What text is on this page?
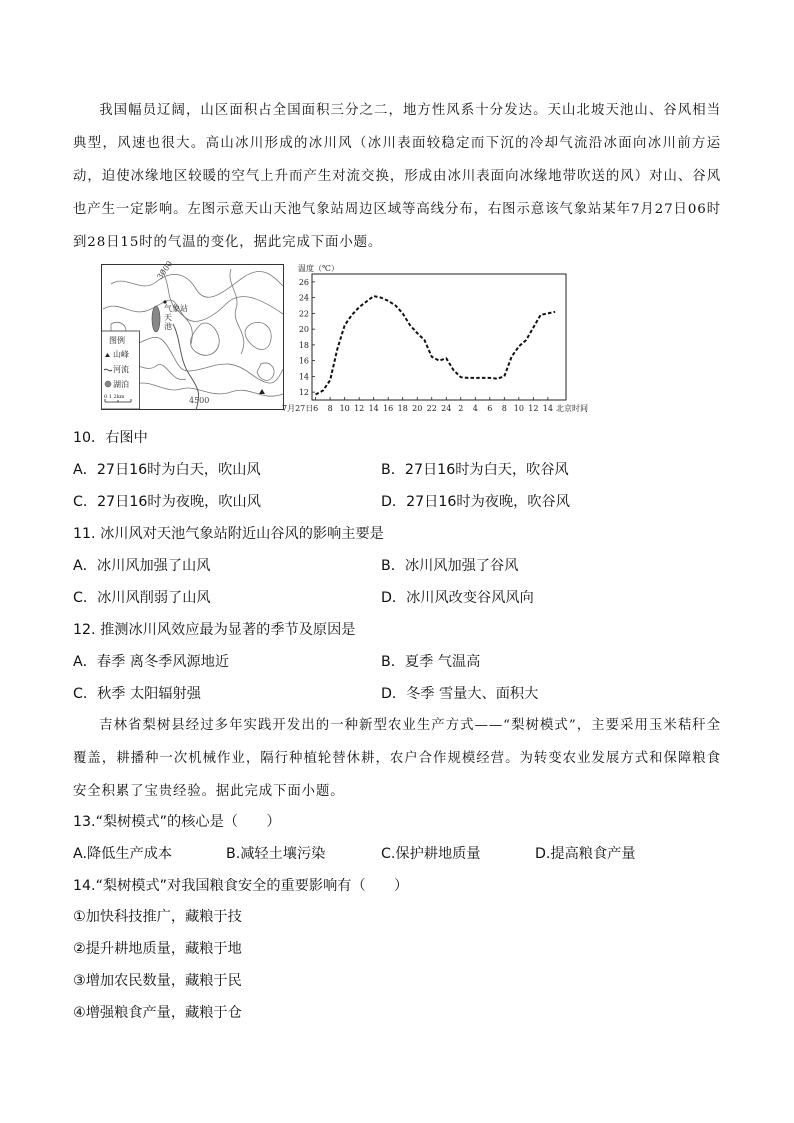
我国幅员辽阔，山区面积占全国面积三分之二，地方性风系十分发达。天山北坡天池山、谷风相当典型，风速也很大。高山冰川形成的冰川风（冰川表面较稳定而下沉的冷却气流沿冰面向冰川前方运动，迫使冰缘地区较暖的空气上升而产生对流交换，形成由冰川表面向冰缘地带吹送的风）对山、谷风也产生一定影响。左图示意天山天池气象站周边区域等高线分布，右图示意该气象站某年7月27日06时到28日15时的气温的变化，据此完成下面小题。
3000
4500
气象站
天
池
图例
山峰
河流
湖泊
0 1 2km
温度（℃）
12
14
16
18
20
22
24
26
6 8 10 12 14 16 18 20 22 24 2 4 6 8 10 12 14
7月27日	北京时间
10．右图中
A．27日16时为白天，吹山风	B．27日16时为白天，吹谷风
C．27日16时为夜晚，吹山风	D．27日16时为夜晚，吹谷风
11. 冰川风对天池气象站附近山谷风的影响主要是
A．冰川风加强了山风	B．冰川风加强了谷风
C．冰川风削弱了山风	D．冰川风改变谷风风向
12. 推测冰川风效应最为显著的季节及原因是
A．春季 离冬季风源地近	B．夏季 气温高
C．秋季 太阳辐射强	D．冬季 雪量大、面积大
吉林省梨树县经过多年实践开发出的一种新型农业生产方式——“梨树模式”，主要采用玉米秸秆全覆盖，耕播种一次机械作业，隔行种植轮替休耕，农户合作规模经营。为转变农业发展方式和保障粮食安全积累了宝贵经验。据此完成下面小题。
13.“梨树模式”的核心是（　　）
A.降低生产成本	B.减轻土壤污染	C.保护耕地质量	D.提高粮食产量
14.“梨树模式”对我国粮食安全的重要影响有（　　）
①加快科技推广，藏粮于技
②提升耕地质量，藏粮于地
③增加农民数量，藏粮于民
④增强粮食产量，藏粮于仓
